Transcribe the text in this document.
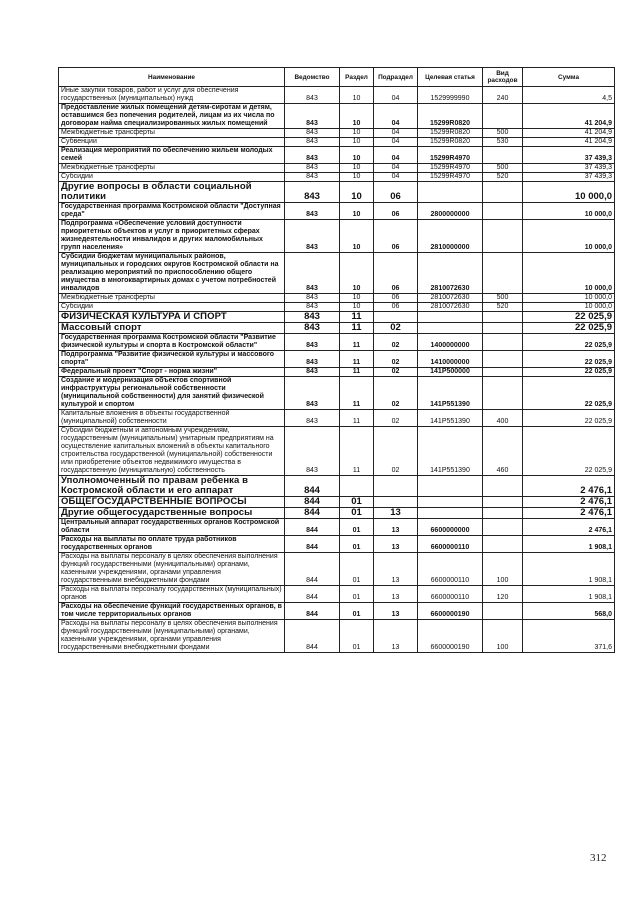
Наименование	Ведомство	Раздел	Подраздел	Целевая статья	Вид расходов	Сумма
Иные закупки товаров, работ и услуг для обеспечения государственных (муниципальных) нужд	843	10	04	1529999990	240	4,5
Предоставление жилых помещений детям-сиротам и детям, оставшимся без попечения родителей, лицам из их числа по договорам найма специализированных жилых помещений	843	10	04	15299R0820		41 204,9
Межбюджетные трансферты	843	10	04	15299R0820	500	41 204,9
Субвенции	843	10	04	15299R0820	530	41 204,9
Реализация мероприятий по обеспечению жильем молодых семей	843	10	04	15299R4970		37 439,3
Межбюджетные трансферты	843	10	04	15299R4970	500	37 439,3
Субсидии	843	10	04	15299R4970	520	37 439,3
Другие вопросы в области социальной политики	843	10	06			10 000,0
Государственная программа Костромской области "Доступная среда"	843	10	06	2800000000		10 000,0
Подпрограмма «Обеспечение условий доступности приоритетных объектов и услуг в приоритетных сферах жизнедеятельности инвалидов и других маломобильных групп населения»	843	10	06	2810000000		10 000,0
Субсидии бюджетам муниципальных районов, муниципальных и городских округов Костромской области на реализацию мероприятий по приспособлению общего имущества в многоквартирных домах с учетом потребностей инвалидов	843	10	06	2810072630		10 000,0
Межбюджетные трансферты	843	10	06	2810072630	500	10 000,0
Субсидии	843	10	06	2810072630	520	10 000,0
ФИЗИЧЕСКАЯ КУЛЬТУРА И СПОРТ	843	11				22 025,9
Массовый спорт	843	11	02			22 025,9
Государственная программа Костромской области "Развитие физической культуры и спорта в Костромской области"	843	11	02	1400000000		22 025,9
Подпрограмма "Развитие физической культуры и массового спорта"	843	11	02	1410000000		22 025,9
Федеральный проект "Спорт - норма жизни"	843	11	02	141P500000		22 025,9
Создание и модернизация объектов спортивной инфраструктуры региональной собственности (муниципальной собственности) для занятий физической культурой и спортом	843	11	02	141P551390		22 025,9
Капитальные вложения в объекты государственной (муниципальной) собственности	843	11	02	141P551390	400	22 025,9
Субсидии бюджетным и автономным учреждениям, государственным (муниципальным) унитарным предприятиям на осуществление капитальных вложений в объекты капитального строительства государственной (муниципальной) собственности или приобретение объектов недвижимого имущества в государственную (муниципальную) собственность	843	11	02	141P551390	460	22 025,9
Уполномоченный по правам ребенка в Костромской области и его аппарат	844					2 476,1
ОБЩЕГОСУДАРСТВЕННЫЕ ВОПРОСЫ	844	01				2 476,1
Другие общегосударственные вопросы	844	01	13			2 476,1
Центральный аппарат государственных органов Костромской области	844	01	13	6600000000		2 476,1
Расходы на выплаты по оплате труда работников государственных органов	844	01	13	6600000110		1 908,1
Расходы на выплаты персоналу в целях обеспечения выполнения функций государственными (муниципальными) органами, казенными учреждениями, органами управления государственными внебюджетными фондами	844	01	13	6600000110	100	1 908,1
Расходы на выплаты персоналу государственных (муниципальных) органов	844	01	13	6600000110	120	1 908,1
Расходы на обеспечение функций государственных органов, в том числе территориальных органов	844	01	13	6600000190		568,0
Расходы на выплаты персоналу в целях обеспечения выполнения функций государственными (муниципальными) органами, казенными учреждениями, органами управления государственными внебюджетными фондами	844	01	13	6600000190	100	371,6
312
